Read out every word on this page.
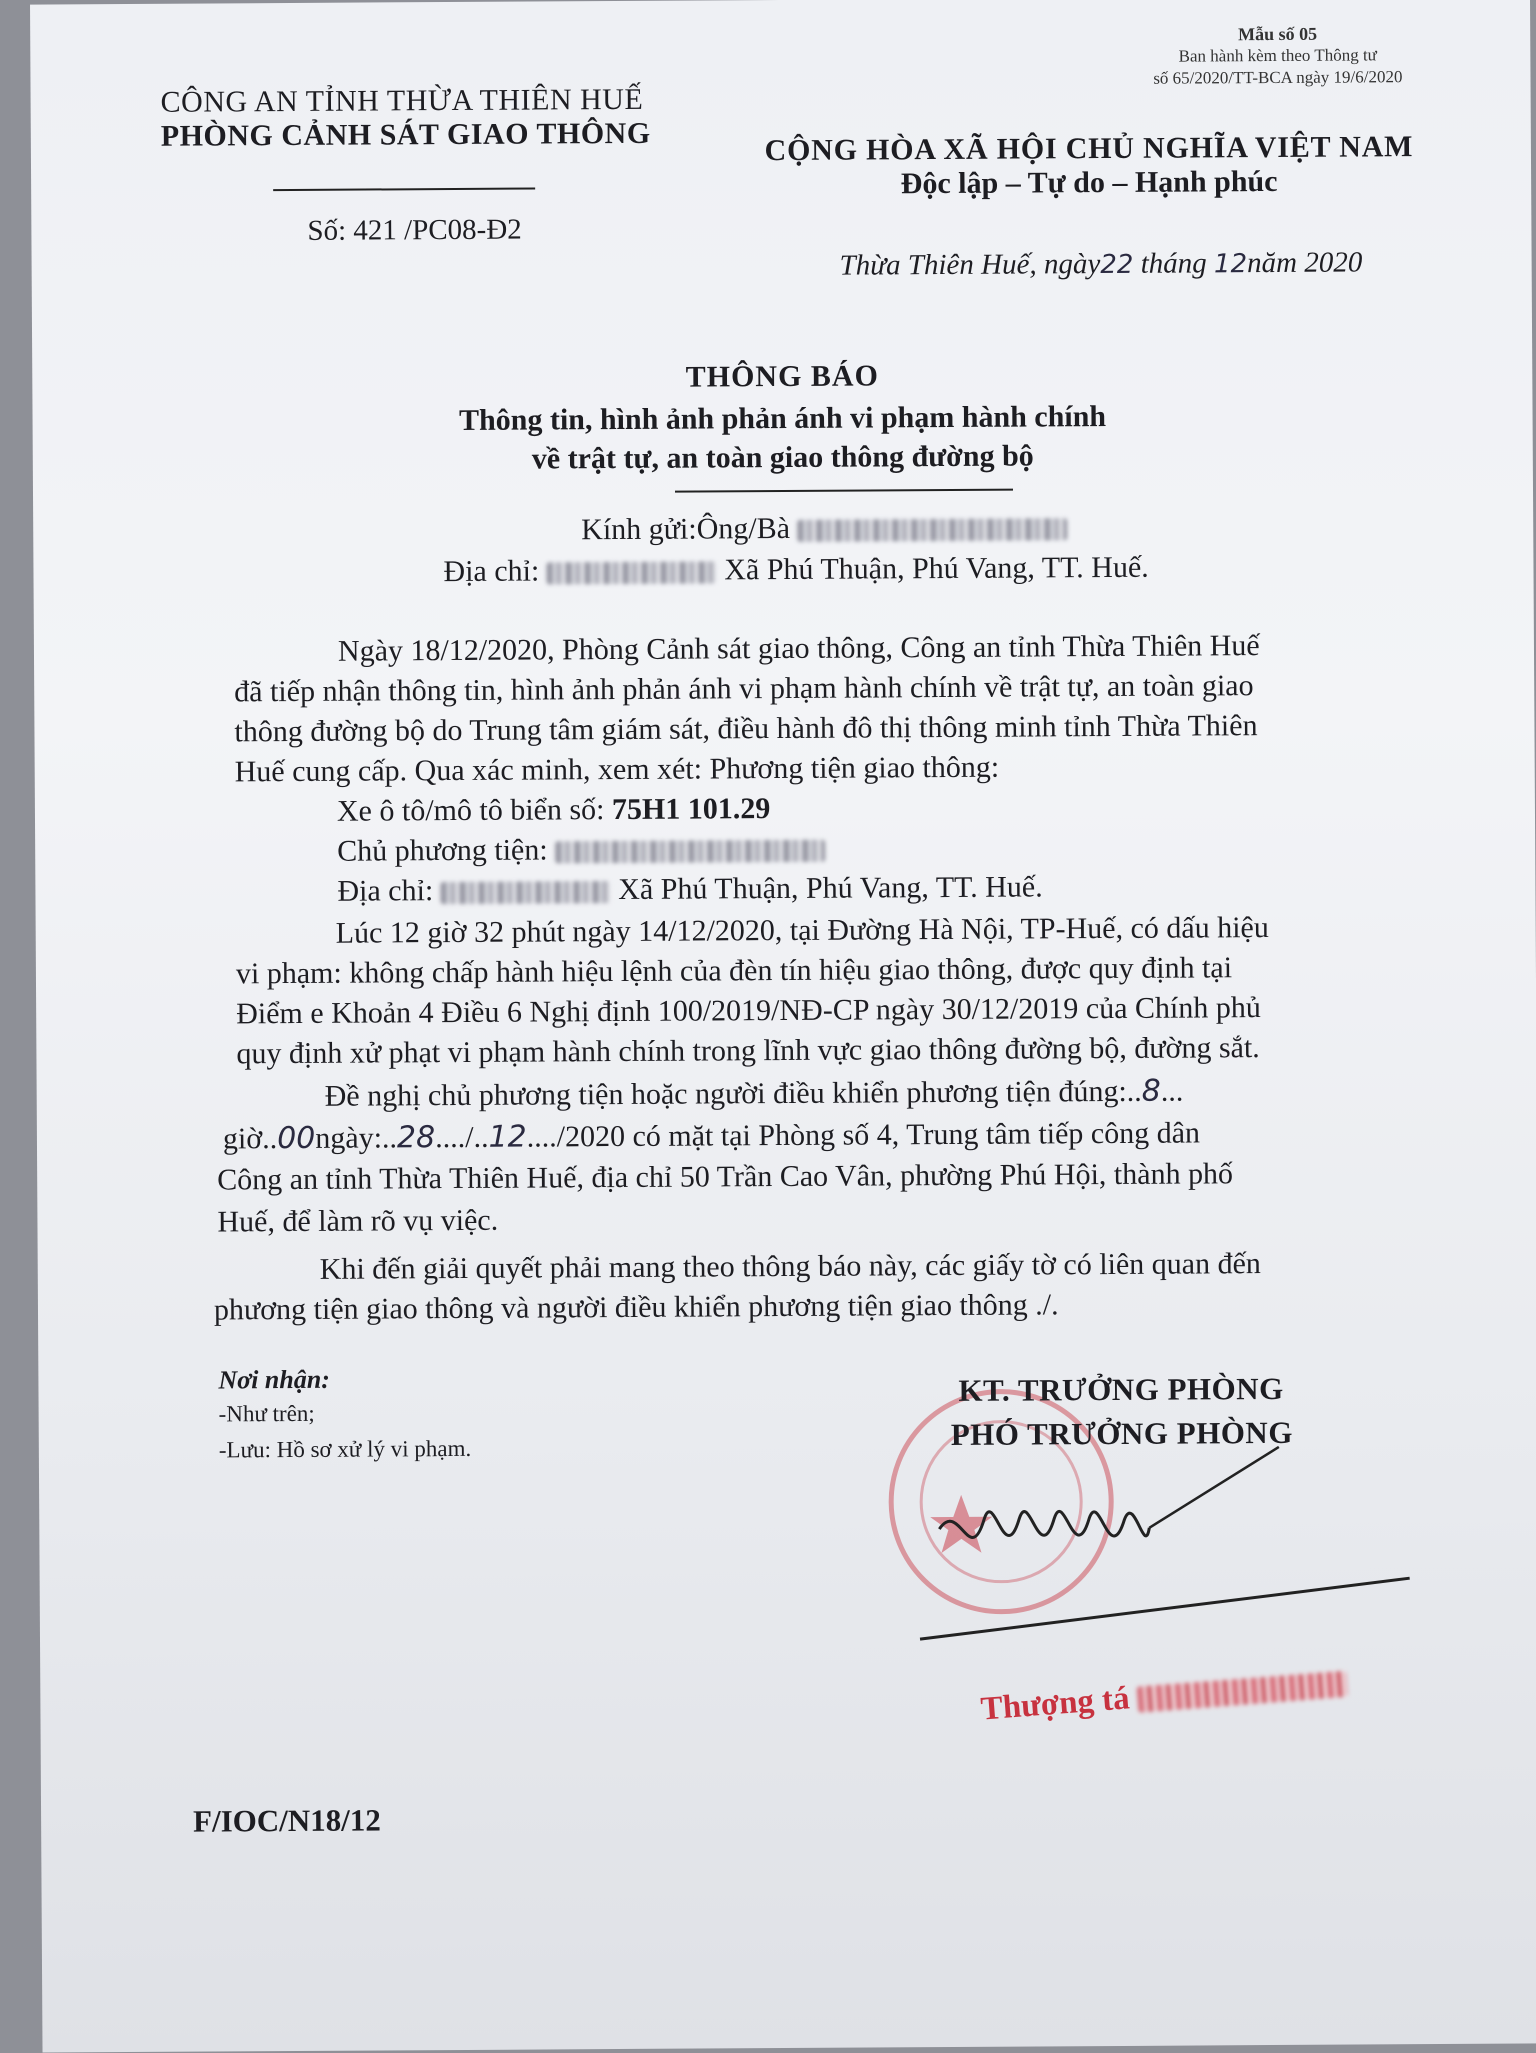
Mẫu số 05
Ban hành kèm theo Thông tư
số 65/2020/TT-BCA ngày 19/6/2020
CÔNG AN TỈNH THỪA THIÊN HUẾ
PHÒNG CẢNH SÁT GIAO THÔNG
Số: 421 /PC08-Đ2
CỘNG HÒA XÃ HỘI CHỦ NGHĨA VIỆT NAM
Độc lập – Tự do – Hạnh phúc
Thừa Thiên Huế, ngày22 tháng 12năm 2020
THÔNG BÁO
Thông tin, hình ảnh phản ánh vi phạm hành chính
về trật tự, an toàn giao thông đường bộ
Kính gửi:Ông/Bà
Địa chỉ:	Xã Phú Thuận, Phú Vang, TT. Huế.
Ngày 18/12/2020, Phòng Cảnh sát giao thông, Công an tỉnh Thừa Thiên Huế
đã tiếp nhận thông tin, hình ảnh phản ánh vi phạm hành chính về trật tự, an toàn giao
thông đường bộ do Trung tâm giám sát, điều hành đô thị thông minh tỉnh Thừa Thiên
Huế cung cấp. Qua xác minh, xem xét: Phương tiện giao thông:
Xe ô tô/mô tô biển số: 75H1 101.29
Chủ phương tiện:
Địa chỉ:	Xã Phú Thuận, Phú Vang, TT. Huế.
Lúc 12 giờ 32 phút ngày 14/12/2020, tại Đường Hà Nội, TP-Huế, có dấu hiệu
vi phạm: không chấp hành hiệu lệnh của đèn tín hiệu giao thông, được quy định tại
Điểm e Khoản 4 Điều 6 Nghị định 100/2019/NĐ-CP ngày 30/12/2019 của Chính phủ
quy định xử phạt vi phạm hành chính trong lĩnh vực giao thông đường bộ, đường sắt.
Đề nghị chủ phương tiện hoặc người điều khiển phương tiện đúng:..8...
giờ..00ngày:..28..../..12..../2020 có mặt tại Phòng số 4, Trung tâm tiếp công dân
Công an tỉnh Thừa Thiên Huế, địa chỉ 50 Trần Cao Vân, phường Phú Hội, thành phố
Huế, để làm rõ vụ việc.
Khi đến giải quyết phải mang theo thông báo này, các giấy tờ có liên quan đến
phương tiện giao thông và người điều khiển phương tiện giao thông ./.
Nơi nhận:
-Như trên;
-Lưu: Hồ sơ xử lý vi phạm.
KT. TRƯỞNG PHÒNG
PHÓ TRƯỞNG PHÒNG
Thượng tá
F/IOC/N18/12
